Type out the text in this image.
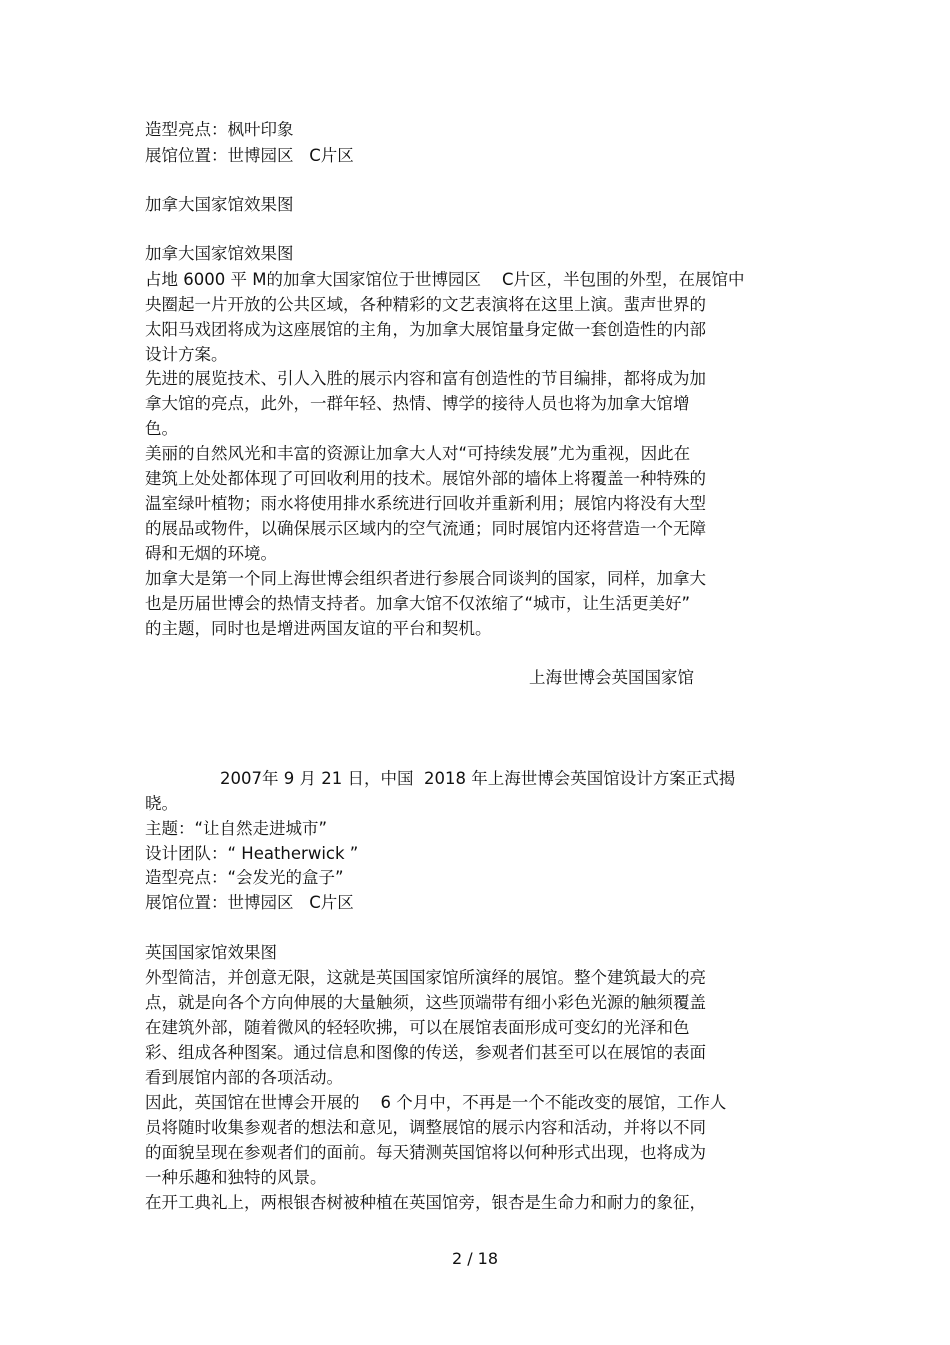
造型亮点：枫叶印象

展馆位置：世博园区   C片区

加拿大国家馆效果图

加拿大国家馆效果图

占地 6000 平 M的加拿大国家馆位于世博园区    C片区，半包围的外型，在展馆中

央圈起一片开放的公共区域，各种精彩的文艺表演将在这里上演。蜚声世界的

太阳马戏团将成为这座展馆的主角，为加拿大展馆量身定做一套创造性的内部

设计方案。

先进的展览技术、引人入胜的展示内容和富有创造性的节目编排，都将成为加

拿大馆的亮点，此外，一群年轻、热情、博学的接待人员也将为加拿大馆增

色。

美丽的自然风光和丰富的资源让加拿大人对“可持续发展”尤为重视，因此在

建筑上处处都体现了可回收利用的技术。展馆外部的墙体上将覆盖一种特殊的

温室绿叶植物；雨水将使用排水系统进行回收并重新利用；展馆内将没有大型

的展品或物件，以确保展示区域内的空气流通；同时展馆内还将营造一个无障

碍和无烟的环境。

加拿大是第一个同上海世博会组织者进行参展合同谈判的国家，同样，加拿大

也是历届世博会的热情支持者。加拿大馆不仅浓缩了“城市，让生活更美好”

的主题，同时也是增进两国友谊的平台和契机。

上海世博会英国国家馆

2007年 9 月 21 日，中国  2018 年上海世博会英国馆设计方案正式揭

晓。

主题：“让自然走进城市”

设计团队：“ Heatherwick ”

造型亮点：“会发光的盒子”

展馆位置：世博园区   C片区

英国国家馆效果图

外型简洁，并创意无限，这就是英国国家馆所演绎的展馆。整个建筑最大的亮

点，就是向各个方向伸展的大量触须，这些顶端带有细小彩色光源的触须覆盖

在建筑外部，随着微风的轻轻吹拂，可以在展馆表面形成可变幻的光泽和色

彩、组成各种图案。通过信息和图像的传送，参观者们甚至可以在展馆的表面

看到展馆内部的各项活动。

因此，英国馆在世博会开展的    6 个月中，不再是一个不能改变的展馆，工作人

员将随时收集参观者的想法和意见，调整展馆的展示内容和活动，并将以不同

的面貌呈现在参观者们的面前。每天猜测英国馆将以何种形式出现，也将成为

一种乐趣和独特的风景。

在开工典礼上，两根银杏树被种植在英国馆旁，银杏是生命力和耐力的象征，

2 / 18
